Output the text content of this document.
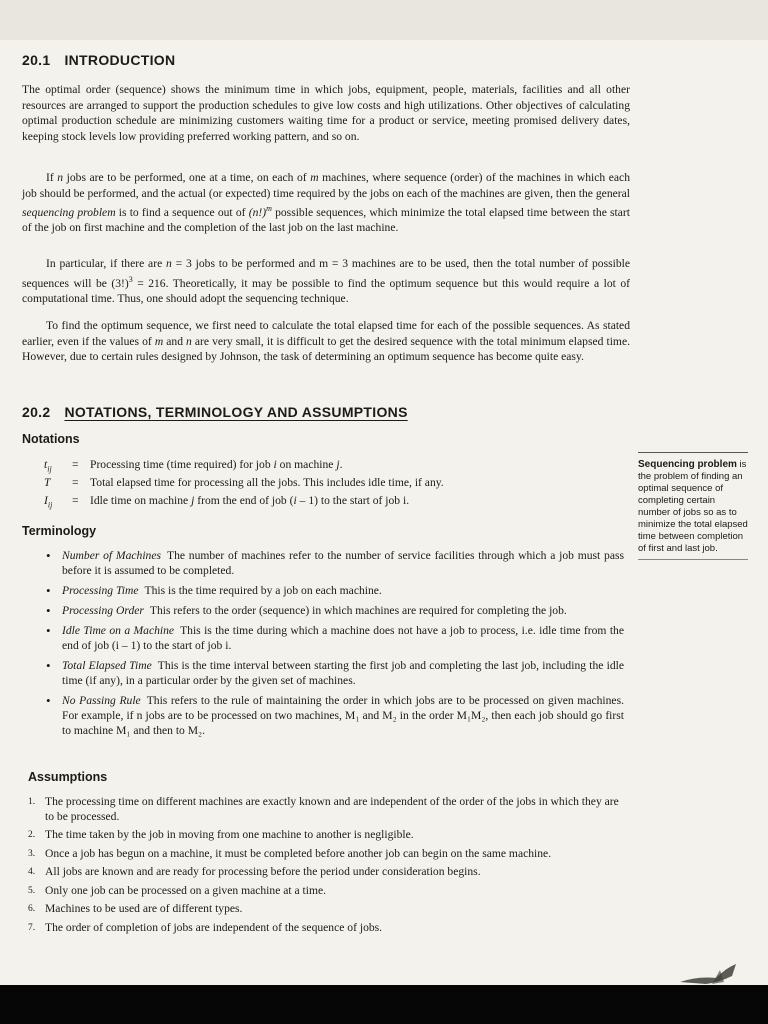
20.1 INTRODUCTION
The optimal order (sequence) shows the minimum time in which jobs, equipment, people, materials, facilities and all other resources are arranged to support the production schedules to give low costs and high utilizations. Other objectives of calculating optimal production schedule are minimizing customers waiting time for a product or service, meeting promised delivery dates, keeping stock levels low providing preferred working pattern, and so on.
If n jobs are to be performed, one at a time, on each of m machines, where sequence (order) of the machines in which each job should be performed, and the actual (or expected) time required by the jobs on each of the machines are given, then the general sequencing problem is to find a sequence out of $(n!)^m$ possible sequences, which minimize the total elapsed time between the start of the job on first machine and the completion of the last job on the last machine.
In particular, if there are n = 3 jobs to be performed and m = 3 machines are to be used, then the total number of possible sequences will be $(3!)^3 = 216$. Theoretically, it may be possible to find the optimum sequence but this would require a lot of computational time. Thus, one should adopt the sequencing technique.
To find the optimum sequence, we first need to calculate the total elapsed time for each of the possible sequences. As stated earlier, even if the values of m and n are very small, it is difficult to get the desired sequence with the total minimum elapsed time. However, due to certain rules designed by Johnson, the task of determining an optimum sequence has become quite easy.
20.2 NOTATIONS, TERMINOLOGY AND ASSUMPTIONS
Notations
$t_{ij}$	= Processing time (time required) for job i on machine j.
T	= Total elapsed time for processing all the jobs. This includes idle time, if any.
$I_{ij}$	= Idle time on machine j from the end of job (i – 1) to the start of job i.
Terminology
• Number of Machines The number of machines refer to the number of service facilities through which a job must pass before it is assumed to be completed.
• Processing Time This is the time required by a job on each machine.
• Processing Order This refers to the order (sequence) in which machines are required for completing the job.
• Idle Time on a Machine This is the time during which a machine does not have a job to process, i.e. idle time from the end of job (i – 1) to the start of job i.
• Total Elapsed Time This is the time interval between starting the first job and completing the last job, including the idle time (if any), in a particular order by the given set of machines.
• No Passing Rule This refers to the rule of maintaining the order in which jobs are to be processed on given machines. For example, if n jobs are to be processed on two machines, M₁ and M₂ in the order M₁M₂, then each job should go first to machine M₁ and then to M₂.
Assumptions
1. The processing time on different machines are exactly known and are independent of the order of the jobs in which they are to be processed.
2. The time taken by the job in moving from one machine to another is negligible.
3. Once a job has begun on a machine, it must be completed before another job can begin on the same machine.
4. All jobs are known and are ready for processing before the period under consideration begins.
5. Only one job can be processed on a given machine at a time.
6. Machines to be used are of different types.
7. The order of completion of jobs are independent of the sequence of jobs.
Sequencing problem is the problem of finding an optimal sequence of completing certain number of jobs so as to minimize the total elapsed time between completion of first and last job.
